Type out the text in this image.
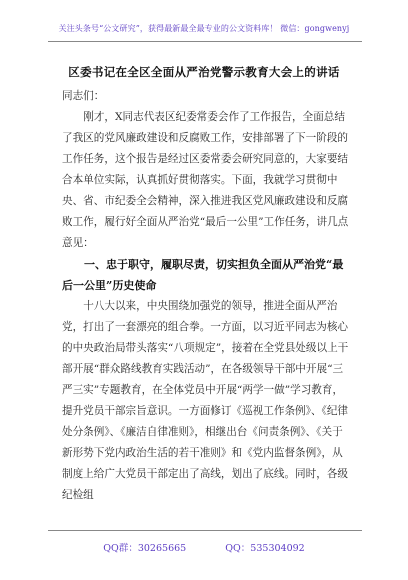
关注头条号“公文研究”，获得最新最全最专业的公文资料库！ 微信：gongwenyj
区委书记在全区全面从严治党警示教育大会上的讲话

同志们：

刚才，X同志代表区纪委常委会作了工作报告，全面总结了我区的党风廉政建设和反腐败工作，安排部署了下一阶段的工作任务，这个报告是经过区委常委会研究同意的，大家要结合本单位实际，认真抓好贯彻落实。下面，我就学习贯彻中央、省、市纪委全会精神，深入推进我区党风廉政建设和反腐败工作，履行好全面从严治党“最后一公里”工作任务，讲几点意见：

一、忠于职守，履职尽责，切实担负全面从严治党“最后一公里”历史使命

十八大以来，中央围绕加强党的领导，推进全面从严治党，打出了一套漂亮的组合拳。一方面，以习近平同志为核心的中央政治局带头落实“八项规定”，接着在全党县处级以上干部开展“群众路线教育实践活动”，在各级领导干部中开展“三严三实”专题教育，在全体党员中开展“两学一做”学习教育，提升党员干部宗旨意识。一方面修订《巡视工作条例》、《纪律处分条例》、《廉洁自律准则》，相继出台《问责条例》、《关于新形势下党内政治生活的若干准则》和《党内监督条例》，从制度上给广大党员干部定出了高线，划出了底线。同时，各级纪检组

QQ群：30265665	QQ：535304092
